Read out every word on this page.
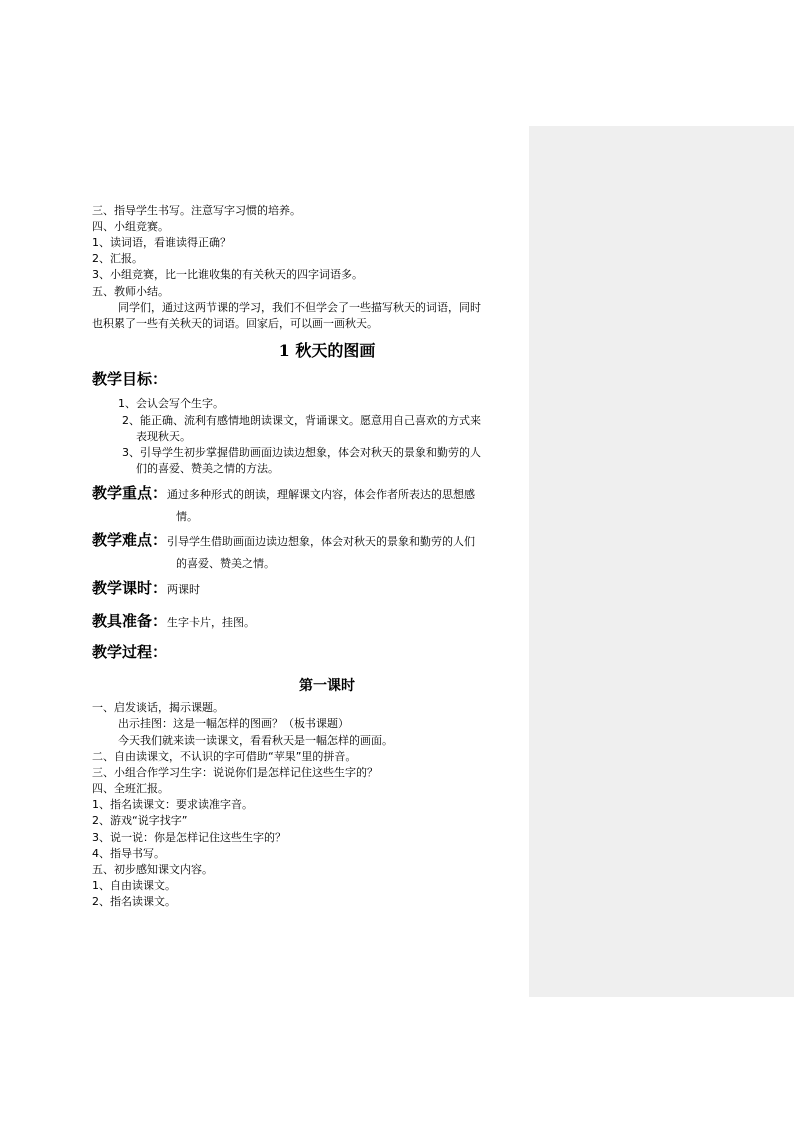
三、指导学生书写。注意写字习惯的培养。
四、小组竞赛。
1、读词语，看谁读得正确？
2、汇报。
3、小组竞赛，比一比谁收集的有关秋天的四字词语多。
五、教师小结。
同学们，通过这两节课的学习，我们不但学会了一些描写秋天的词语，同时
也积累了一些有关秋天的词语。回家后，可以画一画秋天。
1 秋天的图画
教学目标：
1、会认会写个生字。
2、能正确、流利有感情地朗读课文，背诵课文。愿意用自己喜欢的方式来
表现秋天。
3、引导学生初步掌握借助画面边读边想象，体会对秋天的景象和勤劳的人
们的喜爱、赞美之情的方法。
教学重点：通过多种形式的朗读，理解课文内容，体会作者所表达的思想感
情。
教学难点：引导学生借助画面边读边想象，体会对秋天的景象和勤劳的人们
的喜爱、赞美之情。
教学课时：两课时
教具准备：生字卡片，挂图。
教学过程：
第一课时
一、启发谈话，揭示课题。
出示挂图：这是一幅怎样的图画？（板书课题）
今天我们就来读一读课文，看看秋天是一幅怎样的画面。
二、自由读课文，不认识的字可借助“苹果”里的拼音。
三、小组合作学习生字：说说你们是怎样记住这些生字的？
四、全班汇报。
1、指名读课文：要求读准字音。
2、游戏“说字找字”
3、说一说：你是怎样记住这些生字的？
4、指导书写。
五、初步感知课文内容。
1、自由读课文。
2、指名读课文。
